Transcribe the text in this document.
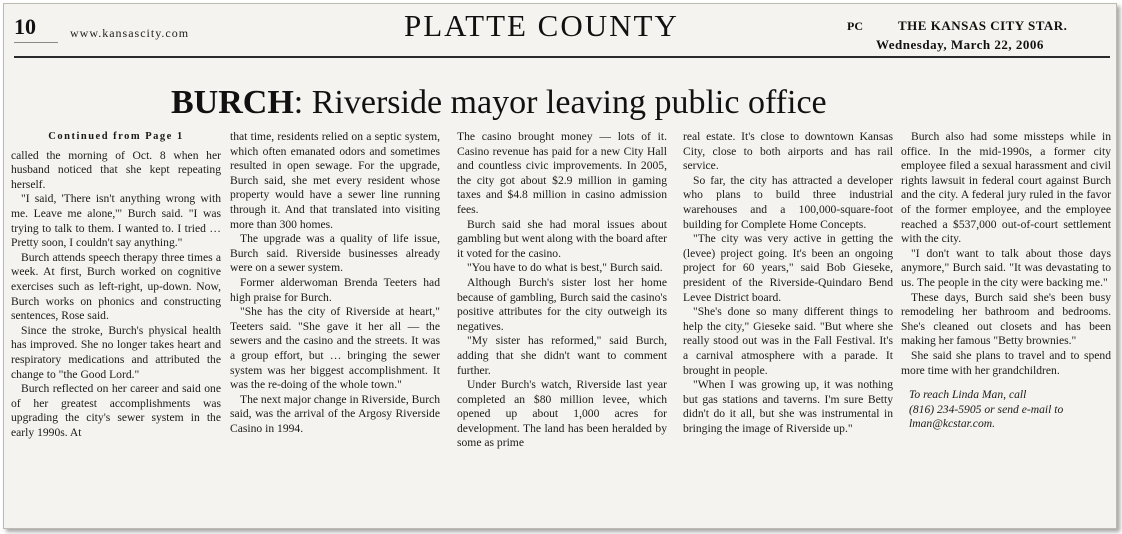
10	www.kansascity.com	PLATTE COUNTY	PC	THE KANSAS CITY STAR.
Wednesday, March 22, 2006
BURCH: Riverside mayor leaving public office
Continued from Page 1

called the morning of Oct. 8 when her husband noticed that she kept repeating herself.

"I said, 'There isn't anything wrong with me. Leave me alone,'" Burch said. "I was trying to talk to them. I wanted to. I tried … Pretty soon, I couldn't say anything."

Burch attends speech therapy three times a week. At first, Burch worked on cognitive exercises such as left-right, up-down. Now, Burch works on phonics and constructing sentences, Rose said.

Since the stroke, Burch's physical health has improved. She no longer takes heart and respiratory medications and attributed the change to "the Good Lord."

Burch reflected on her career and said one of her greatest accomplishments was upgrading the city's sewer system in the early 1990s. At

that time, residents relied on a septic system, which often emanated odors and sometimes resulted in open sewage. For the upgrade, Burch said, she met every resident whose property would have a sewer line running through it. And that translated into visiting more than 300 homes.

The upgrade was a quality of life issue, Burch said. Riverside businesses already were on a sewer system.

Former alderwoman Brenda Teeters had high praise for Burch.

"She has the city of Riverside at heart," Teeters said. "She gave it her all — the sewers and the casino and the streets. It was a group effort, but … bringing the sewer system was her biggest accomplishment. It was the re-doing of the whole town."

The next major change in Riverside, Burch said, was the arrival of the Argosy Riverside Casino in 1994.

The casino brought money — lots of it. Casino revenue has paid for a new City Hall and countless civic improvements. In 2005, the city got about $2.9 million in gaming taxes and $4.8 million in casino admission fees.

Burch said she had moral issues about gambling but went along with the board after it voted for the casino.

"You have to do what is best," Burch said.

Although Burch's sister lost her home because of gambling, Burch said the casino's positive attributes for the city outweigh its negatives.

"My sister has reformed," said Burch, adding that she didn't want to comment further.

Under Burch's watch, Riverside last year completed an $80 million levee, which opened up about 1,000 acres for development. The land has been heralded by some as prime

real estate. It's close to downtown Kansas City, close to both airports and has rail service.

So far, the city has attracted a developer who plans to build three industrial warehouses and a 100,000-square-foot building for Complete Home Concepts.

"The city was very active in getting the (levee) project going. It's been an ongoing project for 60 years," said Bob Gieseke, president of the Riverside-Quindaro Bend Levee District board.

"She's done so many different things to help the city," Gieseke said. "But where she really stood out was in the Fall Festival. It's a carnival atmosphere with a parade. It brought in people.

"When I was growing up, it was nothing but gas stations and taverns. I'm sure Betty didn't do it all, but she was instrumental in bringing the image of Riverside up."

Burch also had some missteps while in office. In the mid-1990s, a former city employee filed a sexual harassment and civil rights lawsuit in federal court against Burch and the city. A federal jury ruled in the favor of the former employee, and the employee reached a $537,000 out-of-court settlement with the city.

"I don't want to talk about those days anymore," Burch said. "It was devastating to us. The people in the city were backing me."

These days, Burch said she's been busy remodeling her bathroom and bedrooms. She's cleaned out closets and has been making her famous "Betty brownies."

She said she plans to travel and to spend more time with her grandchildren.

To reach Linda Man, call

(816) 234-5905 or send e-mail to

lman@kcstar.com.
